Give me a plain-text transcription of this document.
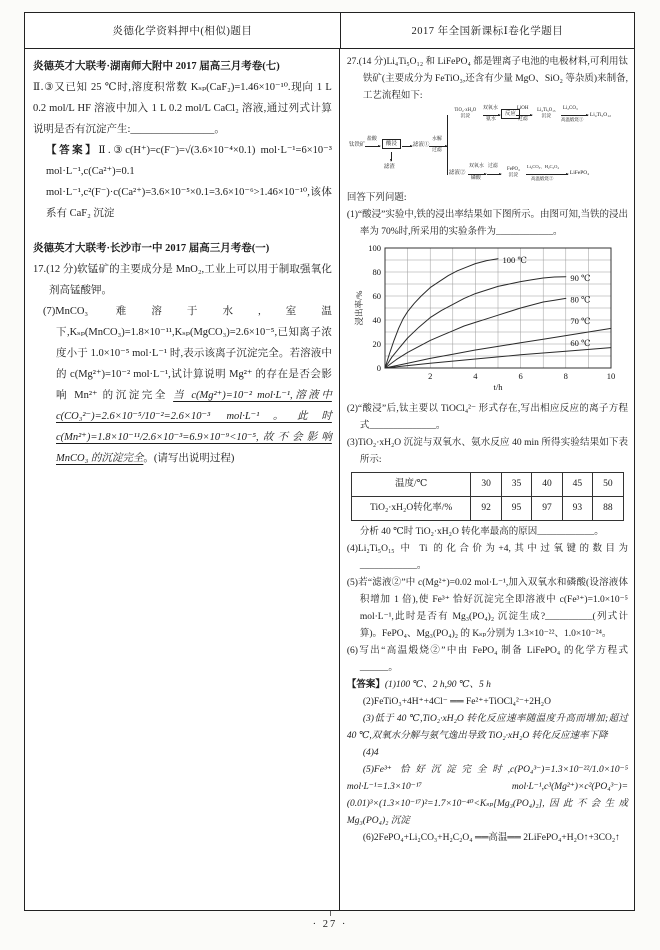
炎德化学资料押中(相似)题目	2017 年全国新课标Ⅰ卷化学题目

炎德英才大联考·湖南师大附中 2017 届高三月考卷(七)

Ⅱ.③又已知 25 ℃时,溶度积常数 Kₛₚ(CaF₂)=1.46×10⁻¹⁰.现向 1 L 0.2 mol/L HF 溶液中加入 1 L 0.2 mol/L CaCl₂ 溶液,通过列式计算说明是否有沉淀产生:________________。

【答案】Ⅱ.③c(H⁺)=c(F⁻)=√(3.6×10⁻⁴×0.1) mol·L⁻¹=6×10⁻³ mol·L⁻¹,c(Ca²⁺)=0.1 mol·L⁻¹,c²(F⁻)·c(Ca²⁺)=3.6×10⁻⁵×0.1=3.6×10⁻⁶>1.46×10⁻¹⁰,该体系有 CaF₂ 沉淀

炎德英才大联考·长沙市一中 2017 届高三月考卷(一)

17.(12 分)软锰矿的主要成分是 MnO₂,工业上可以用于制取强氧化剂高锰酸钾。

(7)MnCO₃ 难溶于水,室温下,Kₛₚ(MnCO₃)=1.8×10⁻¹¹,Kₛₚ(MgCO₃)=2.6×10⁻⁵,已知离子浓度小于 1.0×10⁻⁵ mol·L⁻¹ 时,表示该离子沉淀完全。若溶液中的 c(Mg²⁺)=10⁻² mol·L⁻¹,试计算说明 Mg²⁺ 的存在是否会影响 Mn²⁺ 的沉淀完全 当 c(Mg²⁺)=10⁻² mol·L⁻¹,溶液中 c(CO₃²⁻)=2.6×10⁻⁵/10⁻²=2.6×10⁻³ mol·L⁻¹。此时 c(Mn²⁺)=1.8×10⁻¹¹/2.6×10⁻³=6.9×10⁻⁹<10⁻⁵,故不会影响 MnCO₃ 的沉淀完全。(请写出说明过程)

27.(14 分)Li₄Ti₅O₁₂ 和 LiFePO₄ 都是锂离子电池的电极材料,可利用钛铁矿(主要成分为 FeTiO₃,还含有少量 MgO、SiO₂ 等杂质)来制备,工艺流程如下:

钛铁矿
盐酸
酸浸
滤渣
滤液①
水解
过滤
TiO₂·xH₂O
沉淀
双氧水
氨水
反应
LiOH
过滤
Li₂Ti₅O₁₅
沉淀
Li₂CO₃
高温煅烧①
Li₄Ti₅O₁₂
滤液②
双氧水
磷酸
过滤
FePO₄
沉淀
Li₂CO₃、H₂C₂O₄
高温煅烧②
LiFePO₄

回答下列问题:

(1)“酸浸”实验中,铁的浸出率结果如下图所示。由图可知,当铁的浸出率为 70%时,所采用的实验条件为____________。

2	4	6	8	10
0
20
40
60
80
100
100 ℃
90 ℃
80 ℃
70 ℃
60 ℃
t/h
浸出率/%

(2)“酸浸”后,钛主要以 TiOCl₄²⁻ 形式存在,写出相应反应的离子方程式______________。

(3)TiO₂·xH₂O 沉淀与双氧水、氨水反应 40 min 所得实验结果如下表所示:

温度/℃	30	35	40	45	50
TiO₂·xH₂O转化率/%	92	95	97	93	88

分析 40 ℃时 TiO₂·xH₂O 转化率最高的原因____________。

(4)Li₂Ti₅O₁₅ 中 Ti 的化合价为+4,其中过氧键的数目为____________。

(5)若“滤液②”中 c(Mg²⁺)=0.02 mol·L⁻¹,加入双氧水和磷酸(设溶液体积增加 1 倍),使 Fe³⁺ 恰好沉淀完全即溶液中 c(Fe³⁺)=1.0×10⁻⁵ mol·L⁻¹,此时是否有 Mg₃(PO₄)₂ 沉淀生成?__________(列式计算)。FePO₄、Mg₃(PO₄)₂ 的 Kₛₚ分别为 1.3×10⁻²²、1.0×10⁻²⁴。

(6)写出“高温煅烧②”中由 FePO₄ 制备 LiFePO₄ 的化学方程式______。

【答案】(1)100 ℃、2 h,90 ℃、5 h

(2)FeTiO₃+4H⁺+4Cl⁻ ══ Fe²⁺+TiOCl₄²⁻+2H₂O

(3)低于 40 ℃,TiO₂·xH₂O 转化反应速率随温度升高而增加;超过 40 ℃,双氧水分解与氨气逸出导致 TiO₂·xH₂O 转化反应速率下降

(4)4

(5)Fe³⁺ 恰好沉淀完全时,c(PO₄³⁻)=1.3×10⁻²²/1.0×10⁻⁵ mol·L⁻¹=1.3×10⁻¹⁷ mol·L⁻¹,c³(Mg²⁺)×c²(PO₄³⁻)=(0.01)³×(1.3×10⁻¹⁷)²=1.7×10⁻⁴⁰<Kₛₚ[Mg₃(PO₄)₂],因此不会生成 Mg₃(PO₄)₂ 沉淀

(6)2FePO₄+Li₂CO₃+H₂C₂O₄ ══高温══ 2LiFePO₄+H₂O↑+3CO₂↑

· 27 ·
